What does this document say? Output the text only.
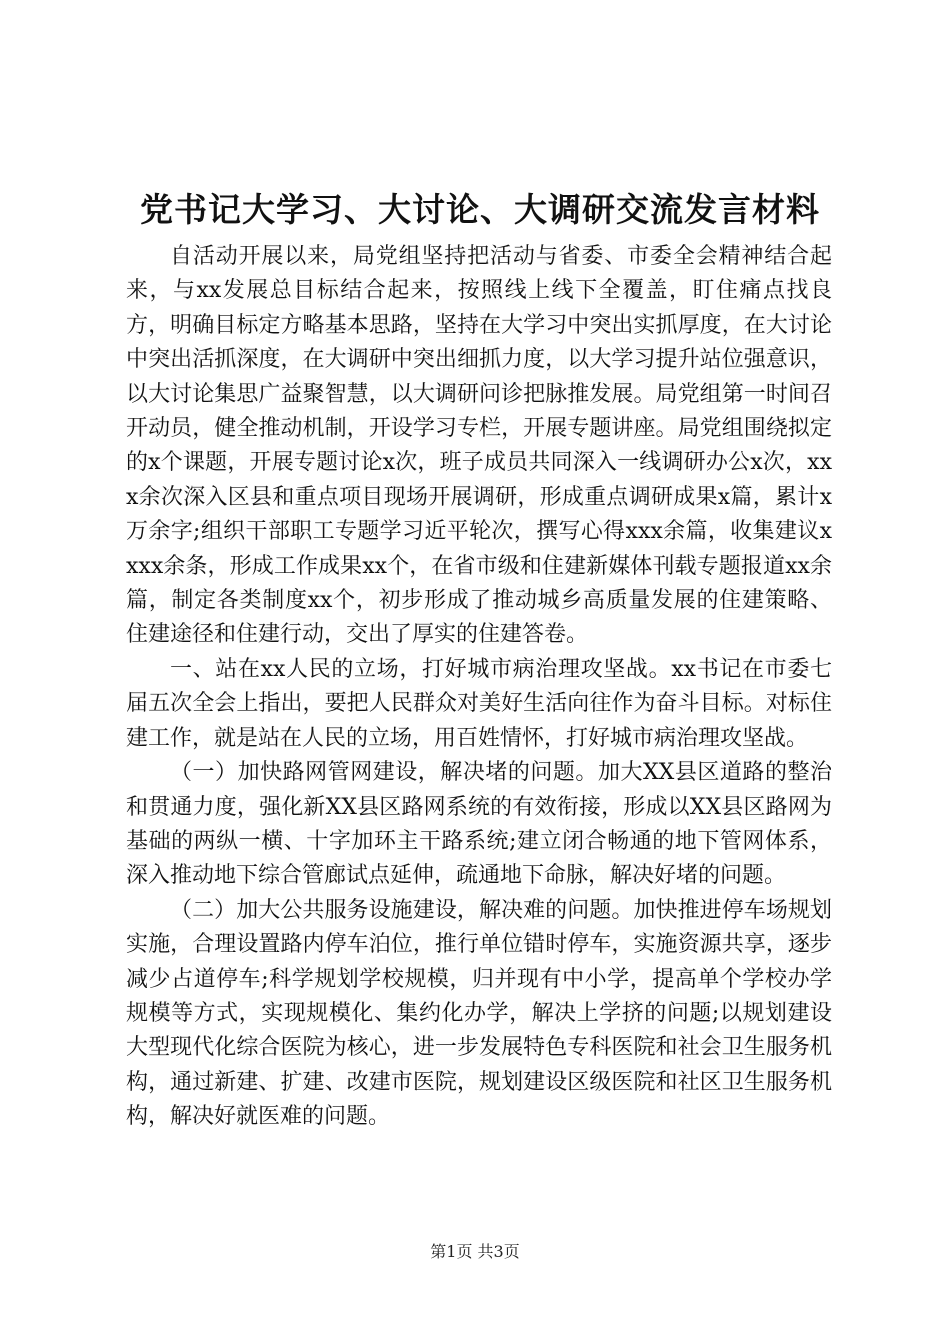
党书记大学习、大讨论、大调研交流发言材料

自活动开展以来，局党组坚持把活动与省委、市委全会精神结合起来，与xx发展总目标结合起来，按照线上线下全覆盖，盯住痛点找良方，明确目标定方略基本思路，坚持在大学习中突出实抓厚度，在大讨论中突出活抓深度，在大调研中突出细抓力度，以大学习提升站位强意识，以大讨论集思广益聚智慧，以大调研问诊把脉推发展。局党组第一时间召开动员，健全推动机制，开设学习专栏，开展专题讲座。局党组围绕拟定的x个课题，开展专题讨论x次，班子成员共同深入一线调研办公x次，xxx余次深入区县和重点项目现场开展调研，形成重点调研成果x篇，累计x万余字;组织干部职工专题学习近平轮次，撰写心得xxx余篇，收集建议xxxx余条，形成工作成果xx个，在省市级和住建新媒体刊载专题报道xx余篇，制定各类制度xx个，初步形成了推动城乡高质量发展的住建策略、住建途径和住建行动，交出了厚实的住建答卷。

一、站在xx人民的立场，打好城市病治理攻坚战。xx书记在市委七届五次全会上指出，要把人民群众对美好生活向往作为奋斗目标。对标住建工作，就是站在人民的立场，用百姓情怀，打好城市病治理攻坚战。

（一）加快路网管网建设，解决堵的问题。加大XX县区道路的整治和贯通力度，强化新XX县区路网系统的有效衔接，形成以XX县区路网为基础的两纵一横、十字加环主干路系统;建立闭合畅通的地下管网体系，深入推动地下综合管廊试点延伸，疏通地下命脉，解决好堵的问题。

（二）加大公共服务设施建设，解决难的问题。加快推进停车场规划实施，合理设置路内停车泊位，推行单位错时停车，实施资源共享，逐步减少占道停车;科学规划学校规模，归并现有中小学，提高单个学校办学规模等方式，实现规模化、集约化办学，解决上学挤的问题;以规划建设大型现代化综合医院为核心，进一步发展特色专科医院和社会卫生服务机构，通过新建、扩建、改建市医院，规划建设区级医院和社区卫生服务机构，解决好就医难的问题。

第1页 共3页
